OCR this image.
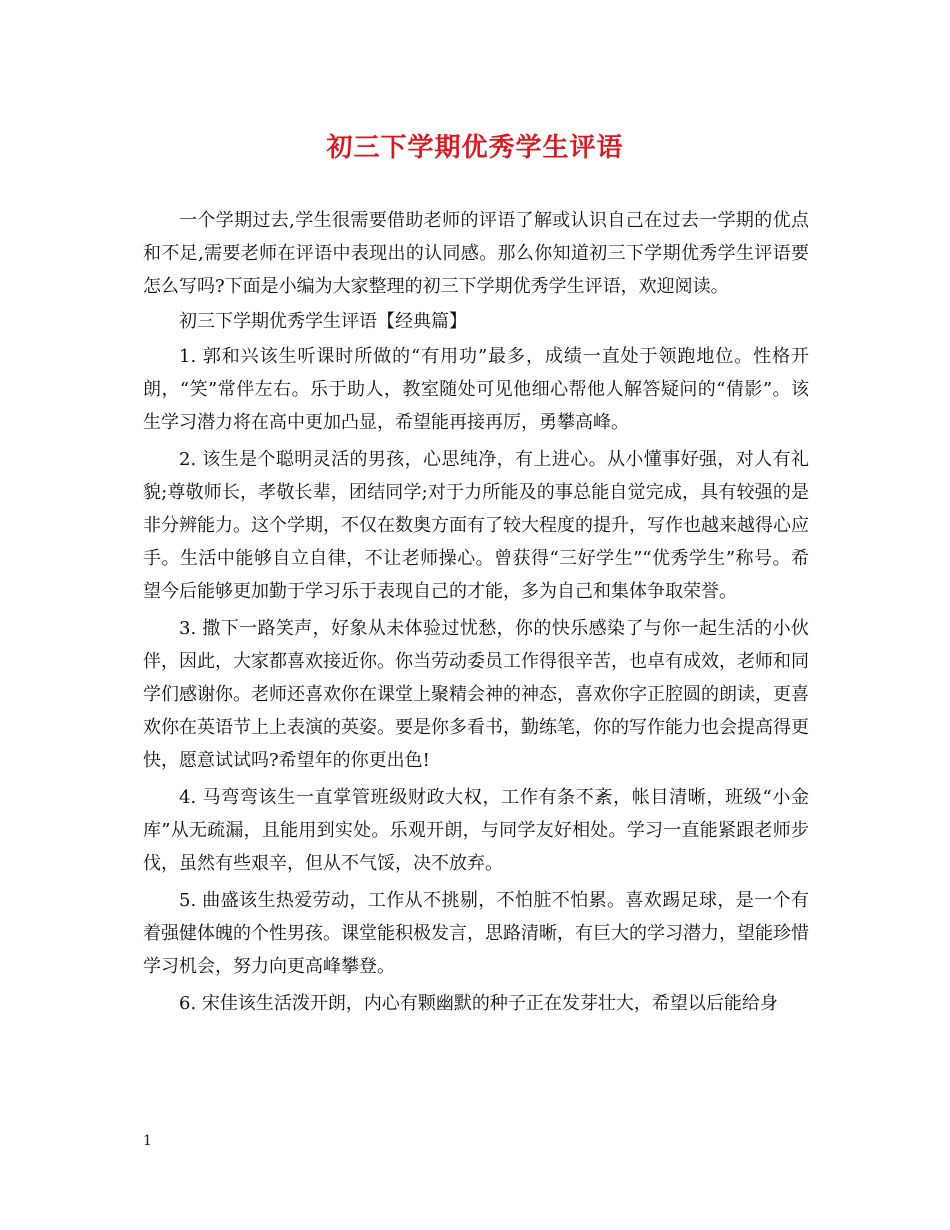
初三下学期优秀学生评语

一个学期过去,学生很需要借助老师的评语了解或认识自己在过去一学期的优点和不足,需要老师在评语中表现出的认同感。那么你知道初三下学期优秀学生评语要怎么写吗?下面是小编为大家整理的初三下学期优秀学生评语，欢迎阅读。

初三下学期优秀学生评语【经典篇】

1. 郭和兴该生听课时所做的“有用功”最多，成绩一直处于领跑地位。性格开朗，“笑”常伴左右。乐于助人，教室随处可见他细心帮他人解答疑问的“倩影”。该生学习潜力将在高中更加凸显，希望能再接再厉，勇攀高峰。

2. 该生是个聪明灵活的男孩，心思纯净，有上进心。从小懂事好强，对人有礼貌;尊敬师长，孝敬长辈，团结同学;对于力所能及的事总能自觉完成，具有较强的是非分辨能力。这个学期，不仅在数奥方面有了较大程度的提升，写作也越来越得心应手。生活中能够自立自律，不让老师操心。曾获得“三好学生”“优秀学生”称号。希望今后能够更加勤于学习乐于表现自己的才能，多为自己和集体争取荣誉。

3. 撒下一路笑声，好象从未体验过忧愁，你的快乐感染了与你一起生活的小伙伴，因此，大家都喜欢接近你。你当劳动委员工作得很辛苦，也卓有成效，老师和同学们感谢你。老师还喜欢你在课堂上聚精会神的神态，喜欢你字正腔圆的朗读，更喜欢你在英语节上上表演的英姿。要是你多看书，勤练笔，你的写作能力也会提高得更快，愿意试试吗?希望年的你更出色!

4. 马弯弯该生一直掌管班级财政大权，工作有条不紊，帐目清晰，班级“小金库”从无疏漏，且能用到实处。乐观开朗，与同学友好相处。学习一直能紧跟老师步伐，虽然有些艰辛，但从不气馁，决不放弃。

5. 曲盛该生热爱劳动，工作从不挑剔，不怕脏不怕累。喜欢踢足球，是一个有着强健体魄的个性男孩。课堂能积极发言，思路清晰，有巨大的学习潜力，望能珍惜学习机会，努力向更高峰攀登。

6. 宋佳该生活泼开朗，内心有颗幽默的种子正在发芽壮大，希望以后能给身

1
